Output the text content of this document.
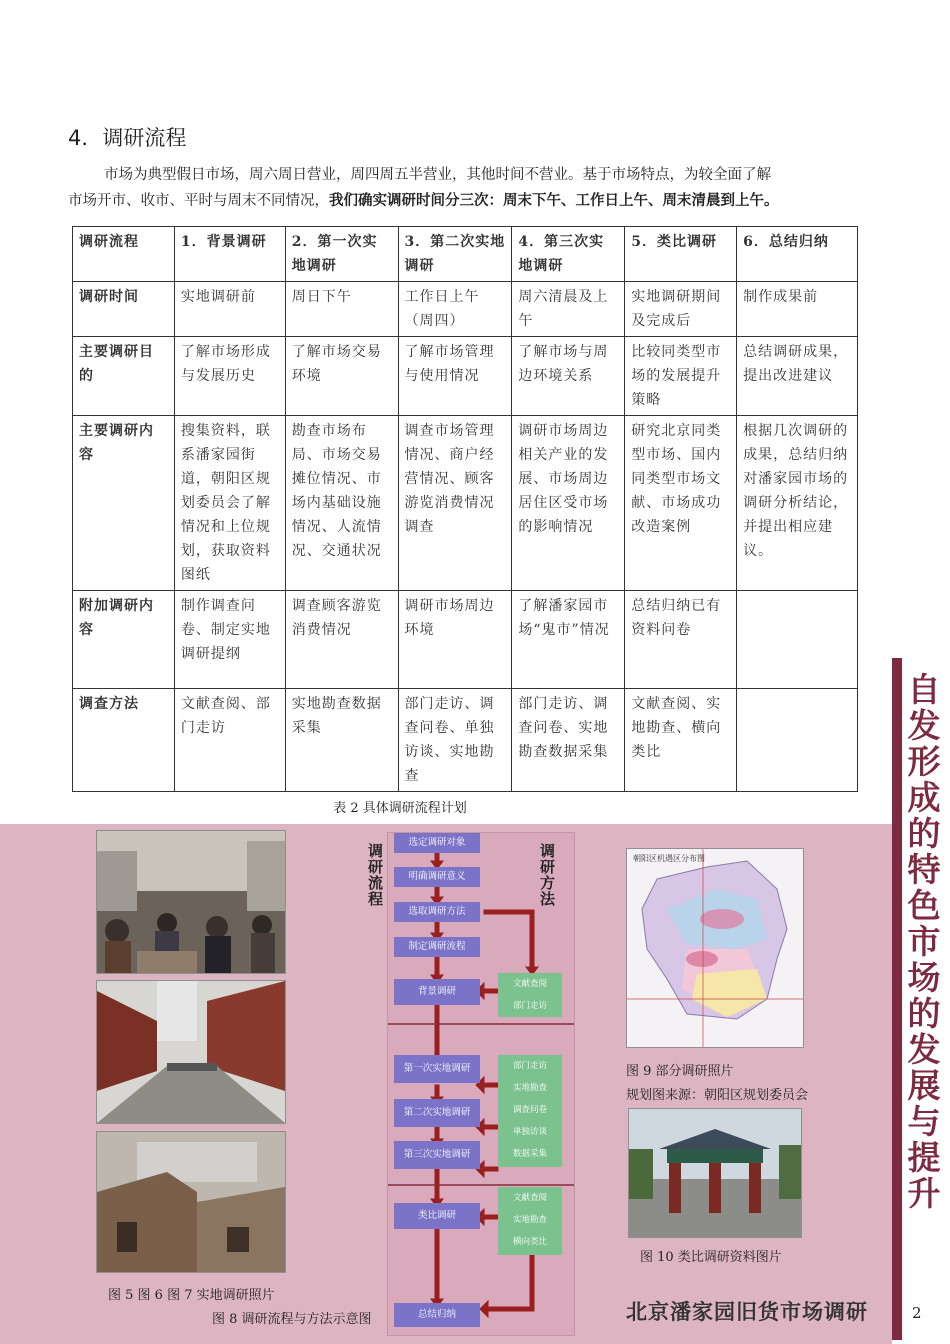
4．调研流程

市场为典型假日市场，周六周日营业，周四周五半营业，其他时间不营业。基于市场特点，为较全面了解
市场开市、收市、平时与周末不同情况，我们确实调研时间分三次：周末下午、工作日上午、周末清晨到上午。

调研流程	1．背景调研	2．第一次实地调研	3．第二次实地调研	4．第三次实地调研	5．类比调研	6．总结归纳
调研时间	实地调研前	周日下午	工作日上午（周四）	周六清晨及上午	实地调研期间及完成后	制作成果前
主要调研目的	了解市场形成与发展历史	了解市场交易环境	了解市场管理与使用情况	了解市场与周边环境关系	比较同类型市场的发展提升策略	总结调研成果，提出改进建议
主要调研内容	搜集资料，联系潘家园街道，朝阳区规划委员会了解情况和上位规划，获取资料图纸	勘查市场布局、市场交易摊位情况、市场内基础设施情况、人流情况、交通状况	调查市场管理情况、商户经营情况、顾客游览消费情况调查	调研市场周边相关产业的发展、市场周边居住区受市场的影响情况	研究北京同类型市场、国内同类型市场文献、市场成功改造案例	根据几次调研的成果，总结归纳对潘家园市场的调研分析结论，并提出相应建议。
附加调研内容	制作调查问卷、制定实地调研提纲	调查顾客游览消费情况	调研市场周边环境	了解潘家园市场“鬼市”情况	总结归纳已有资料问卷	
调查方法	文献查阅、部门走访	实地勘查数据采集	部门走访、调查问卷、单独访谈、实地勘查	部门走访、调查问卷、实地勘查数据采集	文献查阅、实地勘查、横向类比	
表 2 具体调研流程计划
自发形成的特色市场的发展与提升
图 5 图 6 图 7 实地调研照片
调研流程
调研方法
选定调研对象
明确调研意义
选取调研方法
制定调研流程
背景调研
第一次实地调研
第二次实地调研
第三次实地调研
类比调研
总结归纳
文献查阅
部门走访
部门走访
实地勘查
调查问卷
单独访谈
数据采集
文献查阅
实地勘查
横向类比
图 8 调研流程与方法示意图
朝阳区机遇区分布图
图 9 部分调研照片
规划图来源：朝阳区规划委员会
图 10 类比调研资料图片
北京潘家园旧货市场调研	2
